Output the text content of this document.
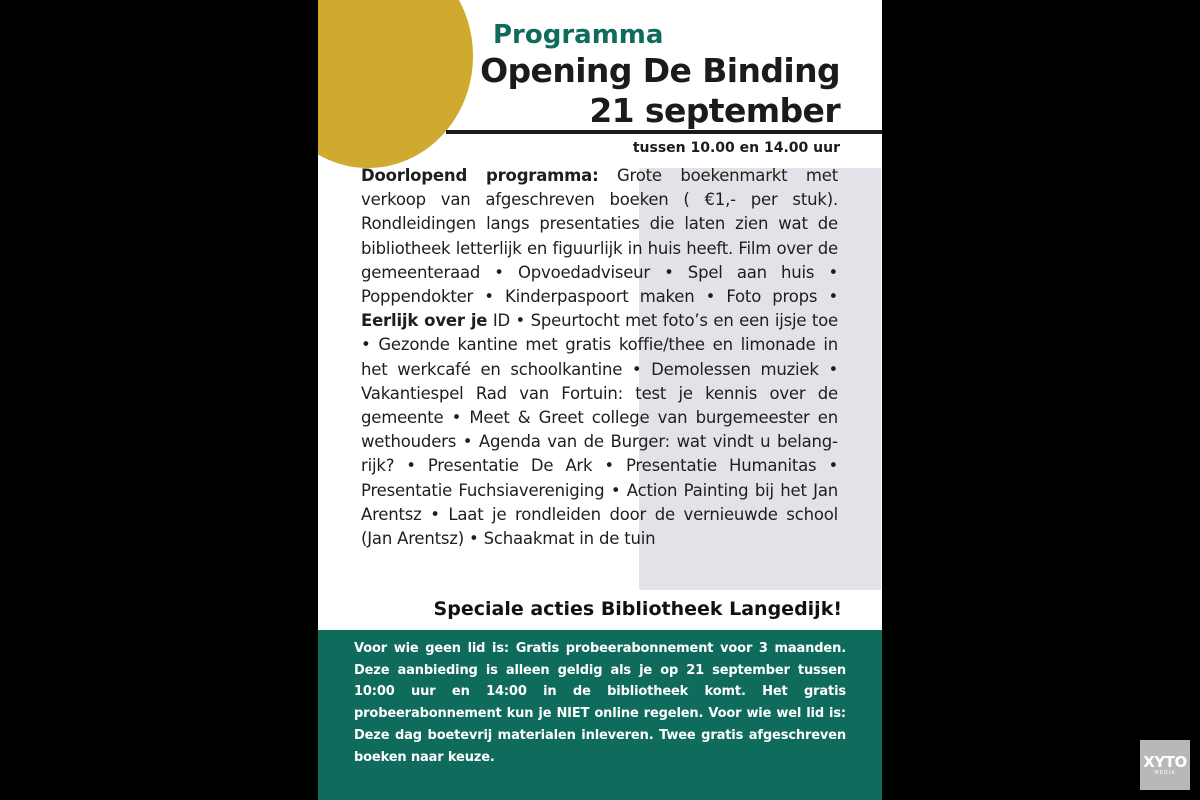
Programma
Opening De Binding
21 september
tussen 10.00 en 14.00 uur
Doorlopend programma: Grote boekenmarkt met verkoop van afgeschreven boeken ( €1,- per stuk). Rondleidingen langs presentaties die laten zien wat de bibliotheek letterlijk en figuurlijk in huis heeft. Film over de gemeenteraad • Opvoedadviseur • Spel aan huis • Poppendokter • Kinderpaspoort maken • Foto props • Eerlijk over je ID • Speurtocht met foto’s en een ijsje toe • Gezonde kantine met gratis koffie/thee en limonade in het werkcafé en schoolkantine • Demolessen muziek • Vakantiespel Rad van Fortuin: test je kennis over de gemeente • Meet & Greet college van burgemeester en wethouders • Agenda van de Burger: wat vindt u belangrijk? • Presentatie De Ark • Presentatie Humanitas • Presentatie Fuchsiavereniging • Action Painting bij het Jan Arentsz • Laat je rondleiden door de vernieuwde school (Jan Arentsz) • Schaakmat in de tuin
Speciale acties Bibliotheek Langedijk!
Voor wie geen lid is: Gratis probeerabonnement voor 3 maanden. Deze aanbieding is alleen geldig als je op 21 september tussen 10:00 uur en 14:00 in de bibliotheek komt. Het gratis probeerabonnement kun je NIET online regelen. Voor wie wel lid is: Deze dag boetevrij materialen inleveren. Twee gratis afgeschreven boeken naar keuze.	XYTO
MEDIA
